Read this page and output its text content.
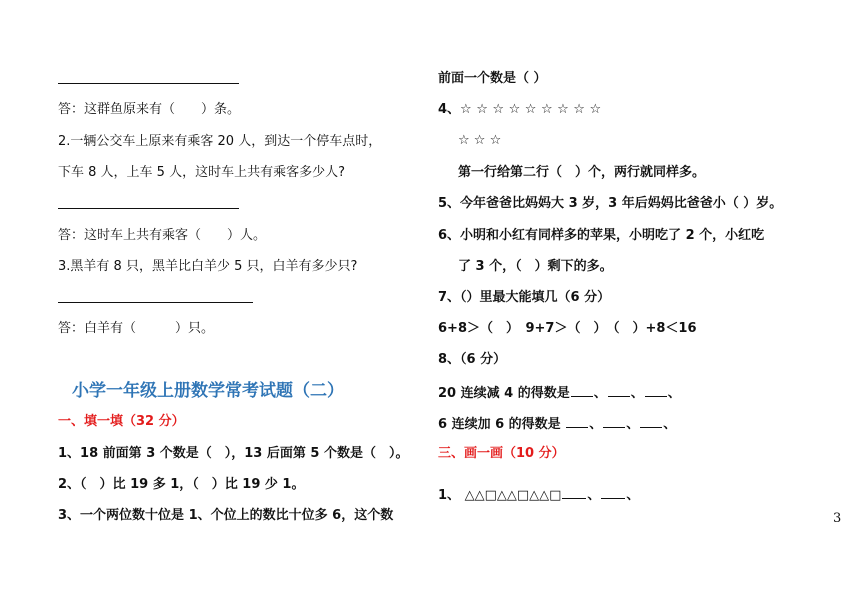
答：这群鱼原来有（　　）条。
2.一辆公交车上原来有乘客 20 人，到达一个停车点时，
下车 8 人，上车 5 人，这时车上共有乘客多少人?
答：这时车上共有乘客（　　）人。
3.黑羊有 8 只，黑羊比白羊少 5 只，白羊有多少只?
答：白羊有（　　　）只。
小学一年级上册数学常考试题（二）
一、填一填（32 分）
1、18 前面第 3 个数是（　），13 后面第 5 个数是（　）。
2、（　）比 19 多 1，（　）比 19 少 1。
3、一个两位数十位是 1、个位上的数比十位多 6，这个数
前面一个数是（ ）
4、☆ ☆ ☆ ☆ ☆ ☆ ☆ ☆ ☆
☆ ☆ ☆
第一行给第二行（　）个，两行就同样多。
5、今年爸爸比妈妈大 3 岁，3 年后妈妈比爸爸小（ ）岁。
6、小明和小红有同样多的苹果，小明吃了 2 个，小红吃
了 3 个，（　）剩下的多。
7、（）里最大能填几（6 分）
6+8＞（　）　9+7＞（　）　（　）+8＜16
8、（6 分）
20 连续减 4 的得数是 、 、 、
6 连续加 6 的得数是 、 、 、
三、画一画（10 分）
1、 △△□△△□△△□ 、 、
3
